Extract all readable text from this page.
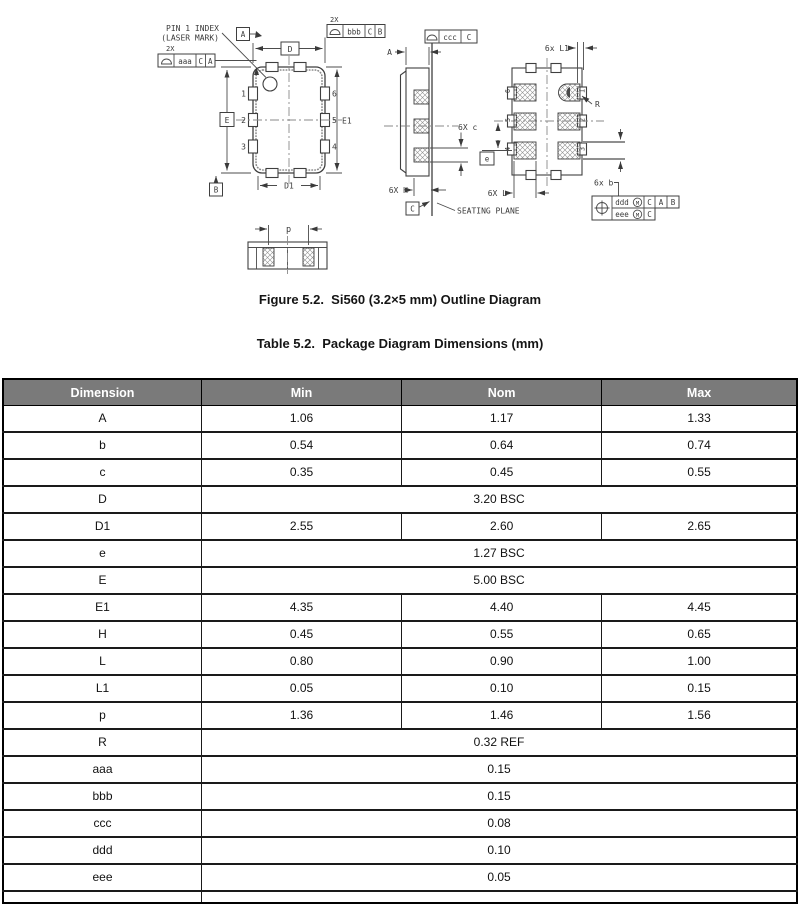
1
2
3
6
5
4
PIN 1 INDEX
(LASER MARK)	A
D
2X
bbb C B
2X
aaa C A
E
B	D1
E1
p
A
ccc C
6X c
6X H
C	SEATING PLANE
6
5
4
1
2
3
R
6x L1
e
6X L
6x b
ddd M C A B
eee M C
Figure 5.2.  Si560 (3.2×5 mm) Outline Diagram
Table 5.2.  Package Diagram Dimensions (mm)
Dimension	Min	Nom	Max
A	1.06	1.17	1.33
b	0.54	0.64	0.74
c	0.35	0.45	0.55
D	3.20 BSC		
D1	2.55	2.60	2.65
e	1.27 BSC		
E	5.00 BSC		
E1	4.35	4.40	4.45
H	0.45	0.55	0.65
L	0.80	0.90	1.00
L1	0.05	0.10	0.15
p	1.36	1.46	1.56
R	0.32 REF		
aaa	0.15		
bbb	0.15		
ccc	0.08		
ddd	0.10		
eee	0.05		
